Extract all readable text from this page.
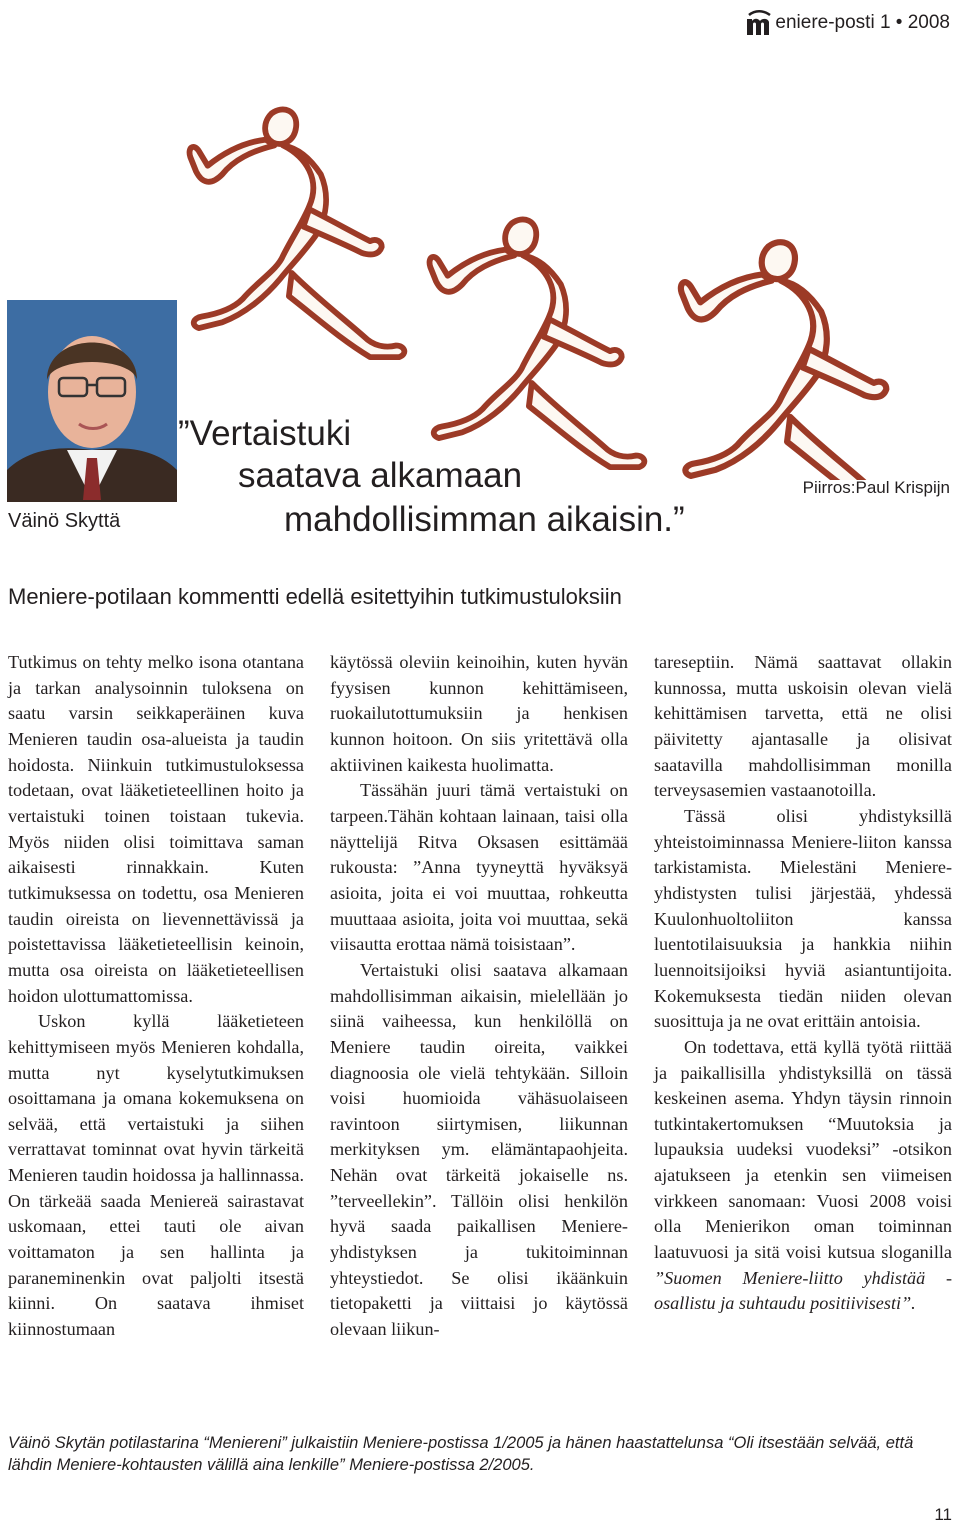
eniere-posti 1 • 2008
Väinö Skyttä
”Vertaistuki
saatava alkamaan
mahdollisimman aikaisin.”
Piirros:Paul Krispijn
Meniere-potilaan kommentti edellä esitettyihin tutkimustuloksiin

Tutkimus on tehty melko isona otantana ja tarkan analysoinnin tuloksena on saatu varsin seikkaperäinen kuva Menieren taudin osa-alueista ja taudin hoidosta. Niinkuin tutkimustuloksessa todetaan, ovat lääketieteellinen hoito ja vertaistuki toinen toistaan tukevia. Myös niiden olisi toimittava saman aikaisesti rinnakkain. Kuten tutkimuksessa on todettu, osa Menieren taudin oireista on lievennettävissä ja poistettavissa lääketieteellisin keinoin, mutta osa oireista on lääketieteellisen hoidon ulottumattomissa.

Uskon kyllä lääketieteen kehittymiseen myös Menieren kohdalla, mutta nyt kyselytutkimuksen osoittamana ja omana kokemuksena on selvää, että vertaistuki ja siihen verrattavat tominnat ovat hyvin tärkeitä Menieren taudin hoidossa ja hallinnassa. On tärkeää saada Meniereä sairastavat uskomaan, ettei tauti ole aivan voittamaton ja sen hallinta ja paraneminenkin ovat paljolti itsestä kiinni. On saatava ihmiset kiinnostumaan

käytössä oleviin keinoihin, kuten hyvän fyysisen kunnon kehittämiseen, ruokailutottumuksiin ja henkisen kunnon hoitoon. On siis yritettävä olla aktiivinen kaikesta huolimatta.

Tässähän juuri tämä vertaistuki on tarpeen.Tähän kohtaan lainaan, taisi olla näyttelijä Ritva Oksasen esittämää rukousta: ”Anna tyyneyttä hyväksyä asioita, joita ei voi muuttaa, rohkeutta muuttaaa asioita, joita voi muuttaa, sekä viisautta erottaa nämä toisistaan”.

Vertaistuki olisi saatava alkamaan mahdollisimman aikaisin, mielellään jo siinä vaiheessa, kun henkilöllä on Meniere taudin oireita, vaikkei diagnoosia ole vielä tehtykään. Silloin voisi huomioida vähäsuolaiseen ravintoon siirtymisen, liikunnan merkityksen ym. elämäntapaohjeita. Nehän ovat tärkeitä jokaiselle ns. ”terveellekin”. Tällöin olisi henkilön hyvä saada paikallisen Meniere-yhdistyksen ja tukitoiminnan yhteystiedot. Se olisi ikäänkuin tietopaketti ja viittaisi jo käytössä olevaan liikun-

tareseptiin. Nämä saattavat ollakin kunnossa, mutta uskoisin olevan vielä kehittämisen tarvetta, että ne olisi päivitetty ajantasalle ja olisivat saatavilla mahdollisimman monilla terveysasemien vastaanotoilla.

Tässä olisi yhdistyksillä yhteistoiminnassa Meniere-liiton kanssa tarkistamista. Mielestäni Meniere-yhdistysten tulisi järjestää, yhdessä Kuulonhuoltoliiton kanssa luentotilaisuuksia ja hankkia niihin luennoitsijoiksi hyviä asiantuntijoita. Kokemuksesta tiedän niiden olevan suosittuja ja ne ovat erittäin antoisia.

On todettava, että kyllä työtä riittää ja paikallisilla yhdistyksillä on tässä keskeinen asema. Yhdyn täysin rinnoin tutkintakertomuksen “Muutoksia ja lupauksia uudeksi vuodeksi” -otsikon ajatukseen ja etenkin sen viimeisen virkkeen sanomaan: Vuosi 2008 voisi olla Menierikon oman toiminnan laatuvuosi ja sitä voisi kutsua sloganilla ”Suomen Meniere-liitto yhdistää - osallistu ja suhtaudu positiivisesti”.

Väinö Skytän potilastarina “Meniereni” julkaistiin Meniere-postissa 1/2005 ja hänen haastattelunsa “Oli itsestään selvää, että lähdin Meniere-kohtausten välillä aina lenkille” Meniere-postissa 2/2005.
11
